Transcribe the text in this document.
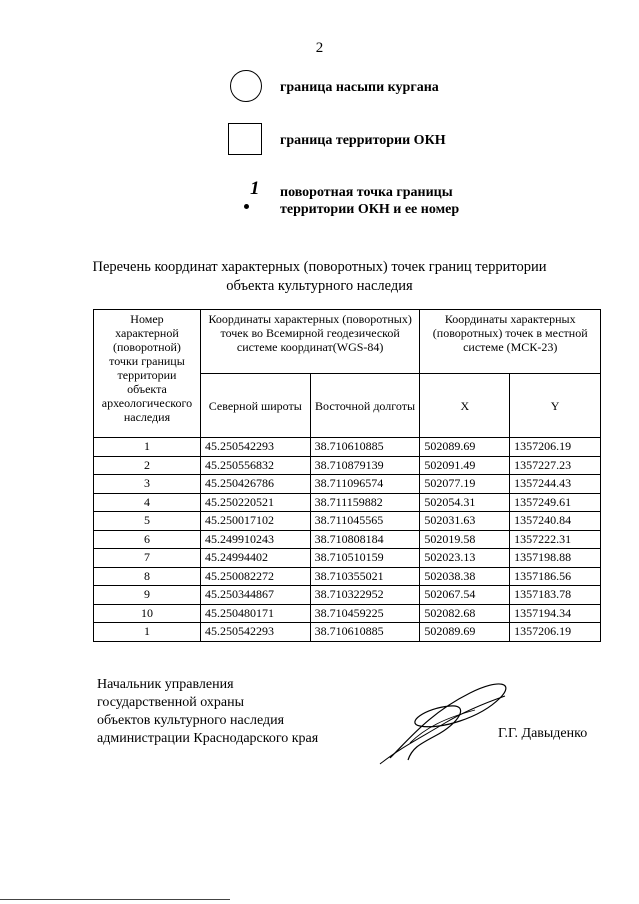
2
граница насыпи кургана
граница территории ОКН
1 поворотная точка границы
территории ОКН и ее номер
Перечень координат характерных (поворотных) точек границ территории
объекта культурного наследия
Номер характерной (поворотной) точки границы территории объекта археологического наследия	Координаты характерных (поворотных) точек во Всемирной геодезической системе координат(WGS-84)		Координаты характерных (поворотных) точек в местной системе (МСК-23)	
	Северной широты	Восточной долготы	X	Y
1	45.250542293	38.710610885	502089.69	1357206.19
2	45.250556832	38.710879139	502091.49	1357227.23
3	45.250426786	38.711096574	502077.19	1357244.43
4	45.250220521	38.711159882	502054.31	1357249.61
5	45.250017102	38.711045565	502031.63	1357240.84
6	45.249910243	38.710808184	502019.58	1357222.31
7	45.24994402	38.710510159	502023.13	1357198.88
8	45.250082272	38.710355021	502038.38	1357186.56
9	45.250344867	38.710322952	502067.54	1357183.78
10	45.250480171	38.710459225	502082.68	1357194.34
1	45.250542293	38.710610885	502089.69	1357206.19
Начальник управления
государственной охраны
объектов культурного наследия
администрации Краснодарского края	Г.Г. Давыденко
